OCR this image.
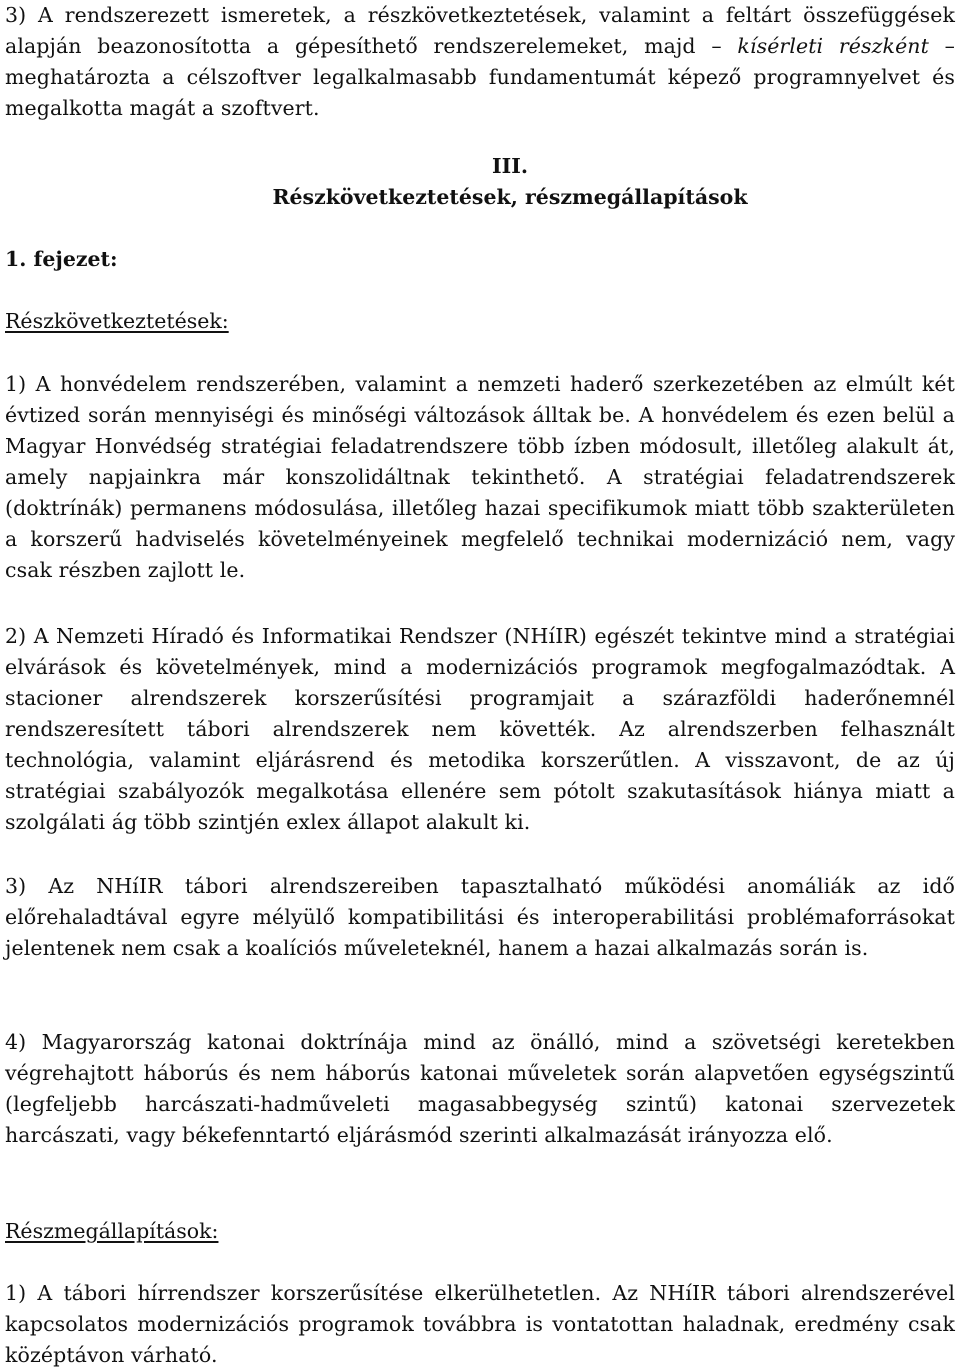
3) A rendszerezett ismeretek, a részkövetkeztetések, valamint a feltárt összefüggések alapján beazonosította a gépesíthető rendszerelemeket, majd – kísérleti részként – meghatározta a célszoftver legalkalmasabb fundamentumát képező programnyelvet és megalkotta magát a szoftvert.

III.
Részkövetkeztetések, részmegállapítások

1. fejezet:

Részkövetkeztetések:

1) A honvédelem rendszerében, valamint a nemzeti haderő szerkezetében az elmúlt két évtized során mennyiségi és minőségi változások álltak be. A honvédelem és ezen belül a Magyar Honvédség stratégiai feladatrendszere több ízben módosult, illetőleg alakult át, amely napjainkra már konszolidáltnak tekinthető. A stratégiai feladatrendszerek (doktrínák) permanens módosulása, illetőleg hazai specifikumok miatt több szakterületen a korszerű hadviselés követelményeinek megfelelő technikai modernizáció nem, vagy csak részben zajlott le.

2) A Nemzeti Híradó és Informatikai Rendszer (NHíIR) egészét tekintve mind a stratégiai elvárások és követelmények, mind a modernizációs programok megfogalmazódtak. A stacioner alrendszerek korszerűsítési programjait a szárazföldi haderőnemnél rendszeresített tábori alrendszerek nem követték. Az alrendszerben felhasznált technológia, valamint eljárásrend és metodika korszerűtlen. A visszavont, de az új stratégiai szabályozók megalkotása ellenére sem pótolt szakutasítások hiánya miatt a szolgálati ág több szintjén exlex állapot alakult ki.

3) Az NHíIR tábori alrendszereiben tapasztalható működési anomáliák az idő előrehaladtával egyre mélyülő kompatibilitási és interoperabilitási problémaforrásokat jelentenek nem csak a koalíciós műveleteknél, hanem a hazai alkalmazás során is.

4) Magyarország katonai doktrínája mind az önálló, mind a szövetségi keretekben végrehajtott háborús és nem háborús katonai műveletek során alapvetően egységszintű (legfeljebb harcászati-hadműveleti magasabbegység szintű) katonai szervezetek harcászati, vagy békefenntartó eljárásmód szerinti alkalmazását irányozza elő.

Részmegállapítások:

1) A tábori hírrendszer korszerűsítése elkerülhetetlen. Az NHíIR tábori alrendszerével kapcsolatos modernizációs programok továbbra is vontatottan haladnak, eredmény csak középtávon várható.
